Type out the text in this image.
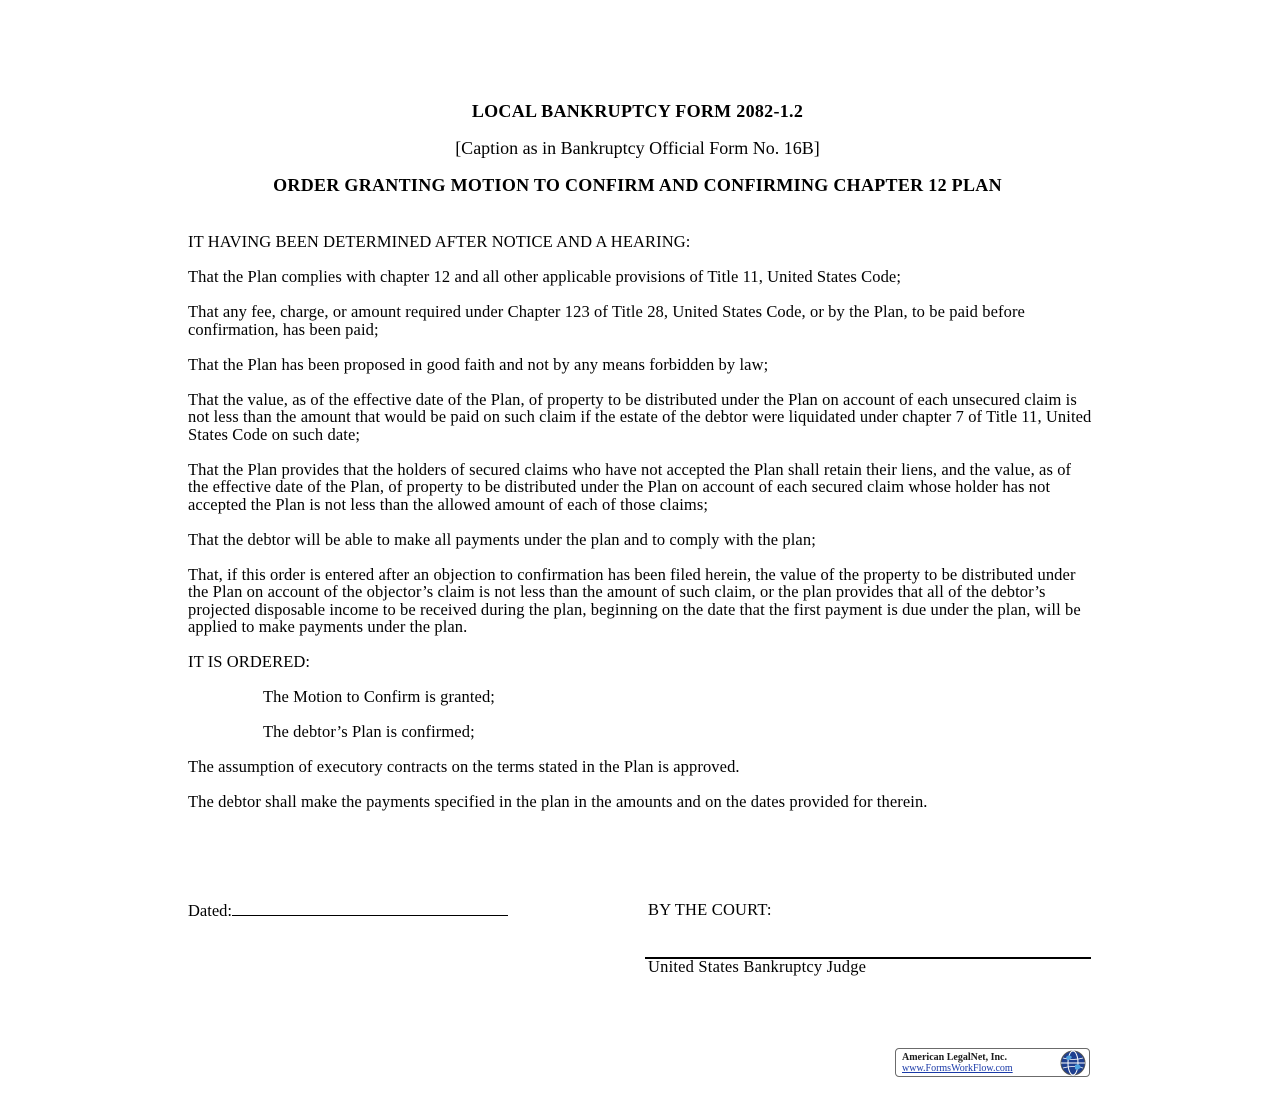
LOCAL BANKRUPTCY FORM 2082-1.2
[Caption as in Bankruptcy Official Form No. 16B]
ORDER GRANTING MOTION TO CONFIRM AND CONFIRMING CHAPTER 12 PLAN

IT HAVING BEEN DETERMINED AFTER NOTICE AND A HEARING:

That the Plan complies with chapter 12 and all other applicable provisions of Title 11, United States Code;

That any fee, charge, or amount required under Chapter 123 of Title 28, United States Code, or by the Plan, to be paid before confirmation, has been paid;

That the Plan has been proposed in good faith and not by any means forbidden by law;

That the value, as of the effective date of the Plan, of property to be distributed under the Plan on account of each unsecured claim is not less than the amount that would be paid on such claim if the estate of the debtor were liquidated under chapter 7 of Title 11, United States Code on such date;

That the Plan provides that the holders of secured claims who have not accepted the Plan shall retain their liens, and the value, as of the effective date of the Plan, of property to be distributed under the Plan on account of each secured claim whose holder has not accepted the Plan is not less than the allowed amount of each of those claims;

That the debtor will be able to make all payments under the plan and to comply with the plan;

That, if this order is entered after an objection to confirmation has been filed herein, the value of the property to be distributed under the Plan on account of the objector’s claim is not less than the amount of such claim, or the plan provides that all of the debtor’s projected disposable income to be received during the plan, beginning on the date that the first payment is due under the plan, will be applied to make payments under the plan.

IT IS ORDERED:

The Motion to Confirm is granted;

The debtor’s Plan is confirmed;

The assumption of executory contracts on the terms stated in the Plan is approved.

The debtor shall make the payments specified in the plan in the amounts and on the dates provided for therein.

Dated:	BY THE COURT:
United States Bankruptcy Judge
American LegalNet, Inc.
www.FormsWorkFlow.com
